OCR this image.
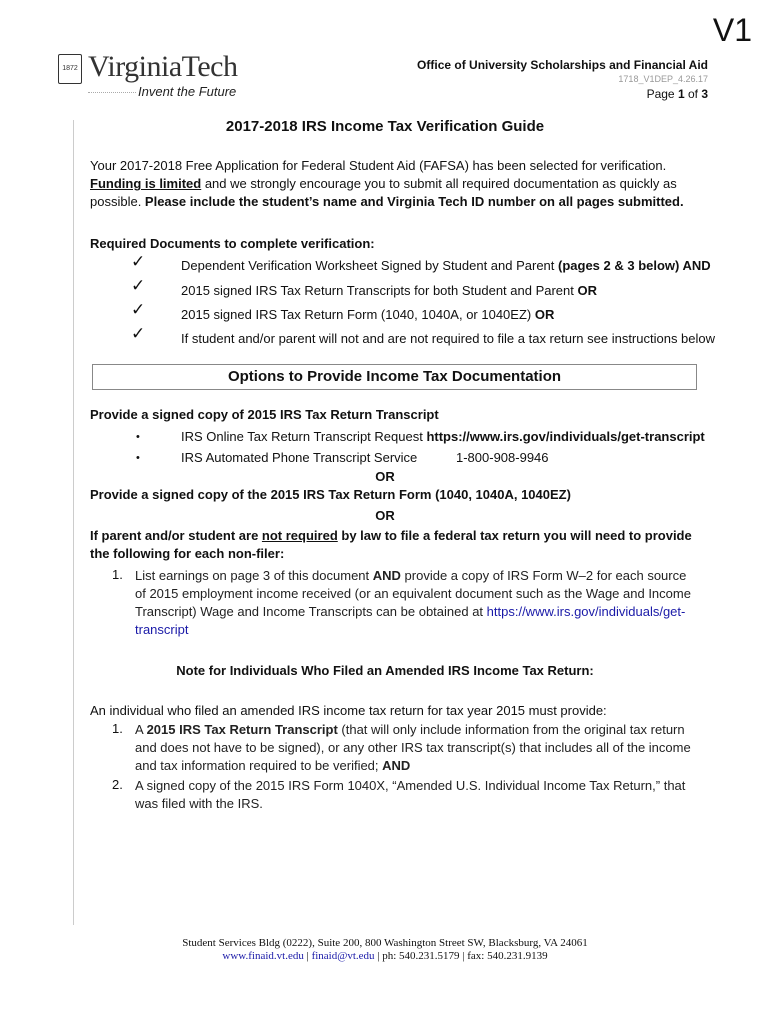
V1

1872 VirginiaTech
Invent the Future
Office of University Scholarships and Financial Aid
1718_V1DEP_4.26.17
Page 1 of 3
2017-2018 IRS Income Tax Verification Guide
Your 2017-2018 Free Application for Federal Student Aid (FAFSA) has been selected for verification. Funding is limited and we strongly encourage you to submit all required documentation as quickly as possible. Please include the student’s name and Virginia Tech ID number on all pages submitted.
Required Documents to complete verification:
✓	Dependent Verification Worksheet Signed by Student and Parent (pages 2 & 3 below) AND
✓	2015 signed IRS Tax Return Transcripts for both Student and Parent OR
✓	2015 signed IRS Tax Return Form (1040, 1040A, or 1040EZ) OR
✓	If student and/or parent will not and are not required to file a tax return see instructions below
Options to Provide Income Tax Documentation
Provide a signed copy of 2015 IRS Tax Return Transcript
•	IRS Online Tax Return Transcript Request https://www.irs.gov/individuals/get-transcript
•	IRS Automated Phone Transcript Service	1-800-908-9946
OR
Provide a signed copy of the 2015 IRS Tax Return Form (1040, 1040A, 1040EZ)
OR
If parent and/or student are not required by law to file a federal tax return you will need to provide the following for each non-filer:
1. List earnings on page 3 of this document AND provide a copy of IRS Form W–2 for each source of 2015 employment income received (or an equivalent document such as the Wage and Income Transcript) Wage and Income Transcripts can be obtained at https://www.irs.gov/individuals/get-transcript
Note for Individuals Who Filed an Amended IRS Income Tax Return:
An individual who filed an amended IRS income tax return for tax year 2015 must provide:
1. A 2015 IRS Tax Return Transcript (that will only include information from the original tax return and does not have to be signed), or any other IRS tax transcript(s) that includes all of the income and tax information required to be verified; AND
2. A signed copy of the 2015 IRS Form 1040X, “Amended U.S. Individual Income Tax Return,” that was filed with the IRS.
Student Services Bldg (0222), Suite 200, 800 Washington Street SW, Blacksburg, VA 24061
www.finaid.vt.edu | finaid@vt.edu | ph: 540.231.5179 | fax: 540.231.9139
